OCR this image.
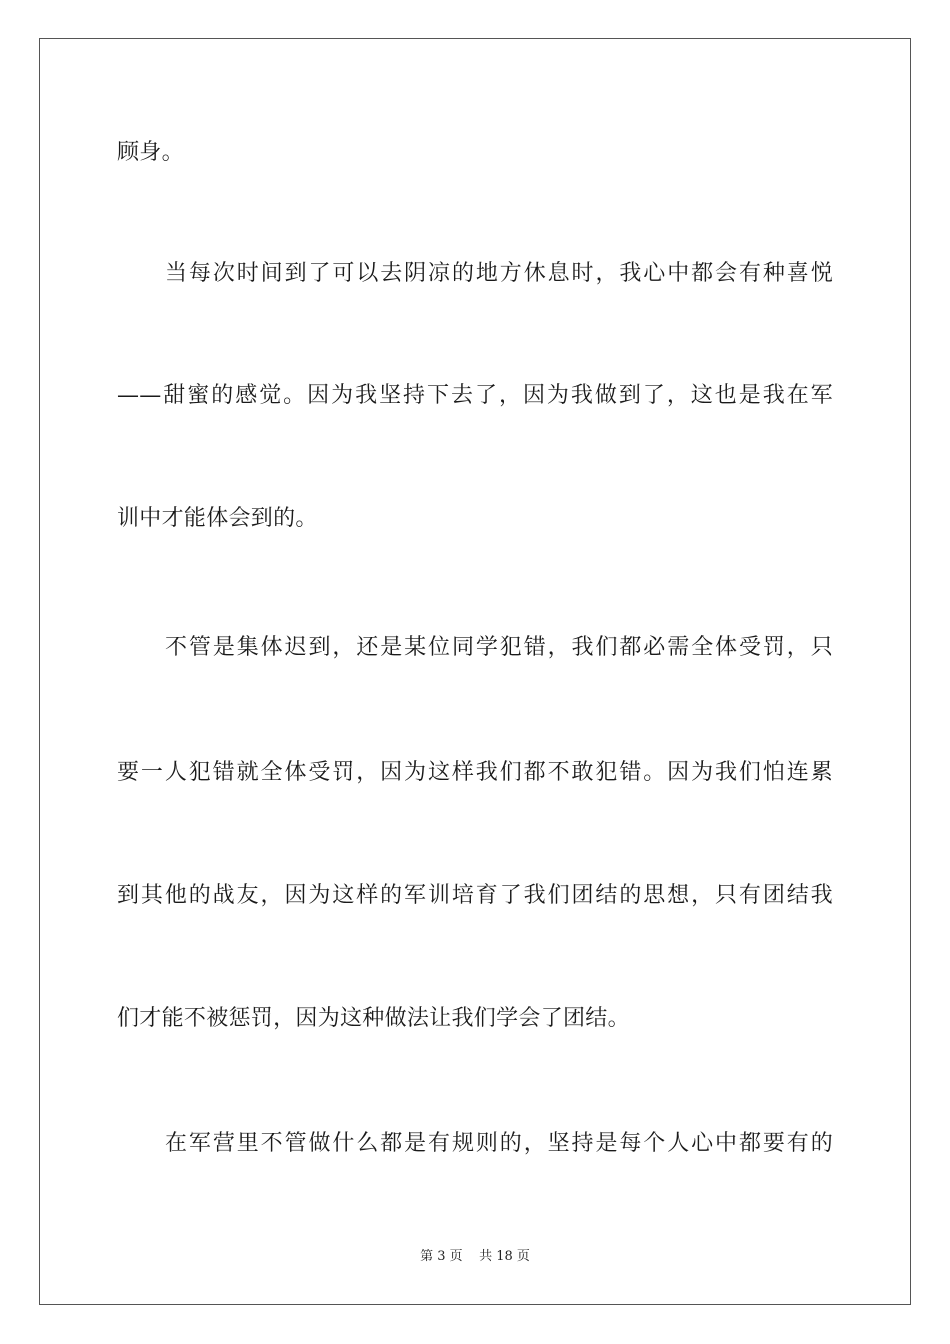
顾身。
当每次时间到了可以去阴凉的地方休息时，我心中都会有种喜悦
——甜蜜的感觉。因为我坚持下去了，因为我做到了，这也是我在军
训中才能体会到的。
不管是集体迟到，还是某位同学犯错，我们都必需全体受罚，只
要一人犯错就全体受罚，因为这样我们都不敢犯错。因为我们怕连累
到其他的战友，因为这样的军训培育了我们团结的思想，只有团结我
们才能不被惩罚，因为这种做法让我们学会了团结。
在军营里不管做什么都是有规则的，坚持是每个人心中都要有的
第 3 页    共 18 页
